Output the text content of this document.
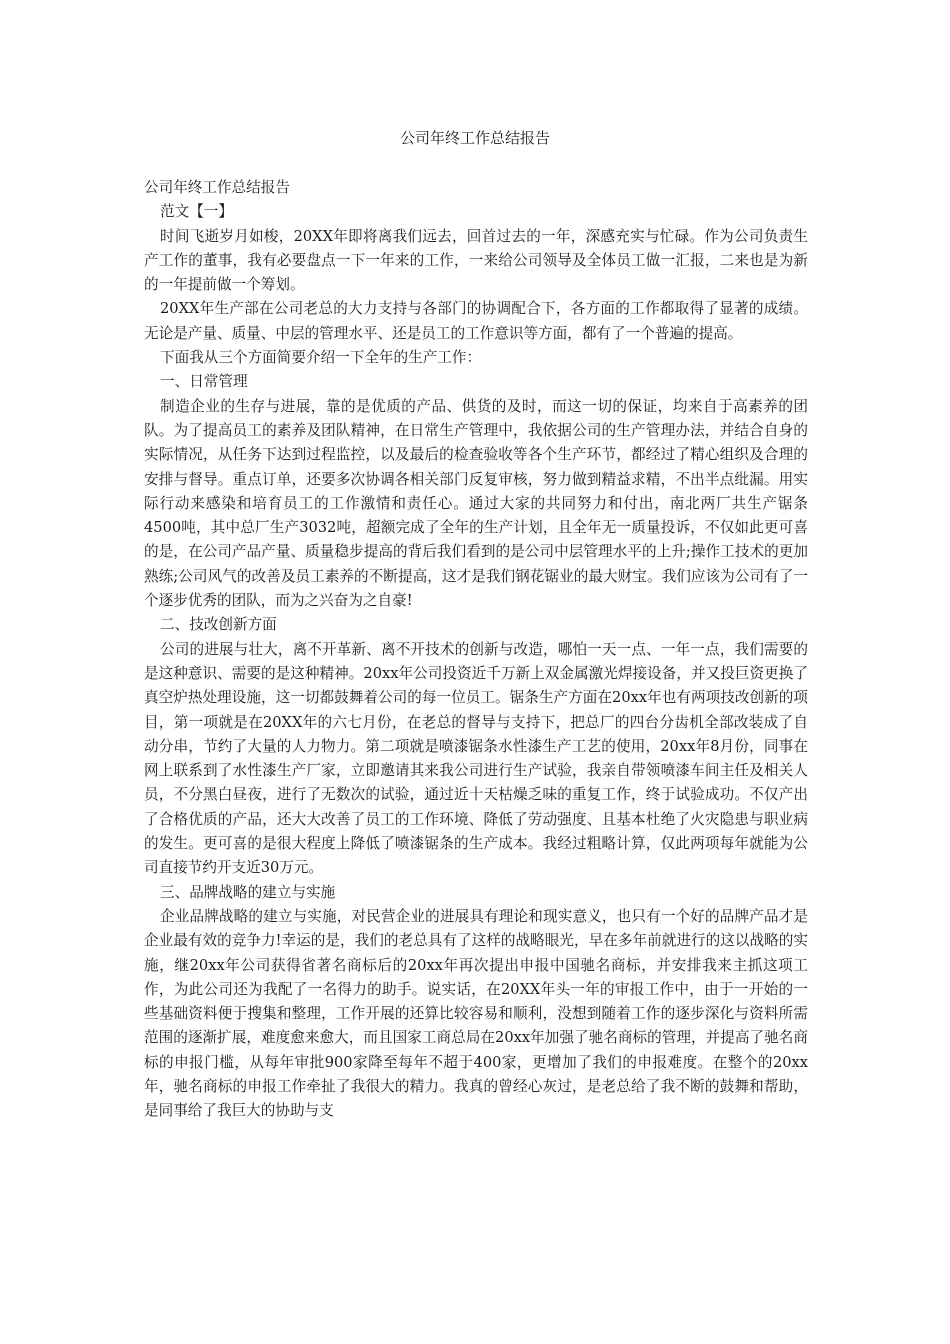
公司年终工作总结报告

公司年终工作总结报告

范文【一】

时间飞逝岁月如梭，20XX年即将离我们远去，回首过去的一年，深感充实与忙碌。作为公司负责生产工作的董事，我有必要盘点一下一年来的工作，一来给公司领导及全体员工做一汇报，二来也是为新的一年提前做一个筹划。

20XX年生产部在公司老总的大力支持与各部门的协调配合下，各方面的工作都取得了显著的成绩。无论是产量、质量、中层的管理水平、还是员工的工作意识等方面，都有了一个普遍的提高。

下面我从三个方面简要介绍一下全年的生产工作：

一、日常管理

制造企业的生存与进展，靠的是优质的产品、供货的及时，而这一切的保证，均来自于高素养的团队。为了提高员工的素养及团队精神，在日常生产管理中，我依据公司的生产管理办法，并结合自身的实际情况，从任务下达到过程监控，以及最后的检查验收等各个生产环节，都经过了精心组织及合理的安排与督导。重点订单，还要多次协调各相关部门反复审核，努力做到精益求精，不出半点纰漏。用实际行动来感染和培育员工的工作激情和责任心。通过大家的共同努力和付出，南北两厂共生产锯条4500吨，其中总厂生产3032吨，超额完成了全年的生产计划，且全年无一质量投诉，不仅如此更可喜的是，在公司产品产量、质量稳步提高的背后我们看到的是公司中层管理水平的上升;操作工技术的更加熟练;公司风气的改善及员工素养的不断提高，这才是我们钢花锯业的最大财宝。我们应该为公司有了一个逐步优秀的团队，而为之兴奋为之自豪!

二、技改创新方面

公司的进展与壮大，离不开革新、离不开技术的创新与改造，哪怕一天一点、一年一点，我们需要的是这种意识、需要的是这种精神。20xx年公司投资近千万新上双金属激光焊接设备，并又投巨资更换了真空炉热处理设施，这一切都鼓舞着公司的每一位员工。锯条生产方面在20xx年也有两项技改创新的项目，第一项就是在20XX年的六七月份，在老总的督导与支持下，把总厂的四台分齿机全部改装成了自动分串，节约了大量的人力物力。第二项就是喷漆锯条水性漆生产工艺的使用，20xx年8月份，同事在网上联系到了水性漆生产厂家，立即邀请其来我公司进行生产试验，我亲自带领喷漆车间主任及相关人员，不分黑白昼夜，进行了无数次的试验，通过近十天枯燥乏味的重复工作，终于试验成功。不仅产出了合格优质的产品，还大大改善了员工的工作环境、降低了劳动强度、且基本杜绝了火灾隐患与职业病的发生。更可喜的是很大程度上降低了喷漆锯条的生产成本。我经过粗略计算，仅此两项每年就能为公司直接节约开支近30万元。

三、品牌战略的建立与实施

企业品牌战略的建立与实施，对民营企业的进展具有理论和现实意义，也只有一个好的品牌产品才是企业最有效的竞争力!幸运的是，我们的老总具有了这样的战略眼光，早在多年前就进行的这以战略的实施，继20xx年公司获得省著名商标后的20xx年再次提出申报中国驰名商标，并安排我来主抓这项工作，为此公司还为我配了一名得力的助手。说实话，在20XX年头一年的审报工作中，由于一开始的一些基础资料便于搜集和整理，工作开展的还算比较容易和顺利，没想到随着工作的逐步深化与资料所需范围的逐渐扩展，难度愈来愈大，而且国家工商总局在20xx年加强了驰名商标的管理，并提高了驰名商标的申报门槛，从每年审批900家降至每年不超于400家，更增加了我们的申报难度。在整个的20xx年，驰名商标的申报工作牵扯了我很大的精力。我真的曾经心灰过，是老总给了我不断的鼓舞和帮助，是同事给了我巨大的协助与支
